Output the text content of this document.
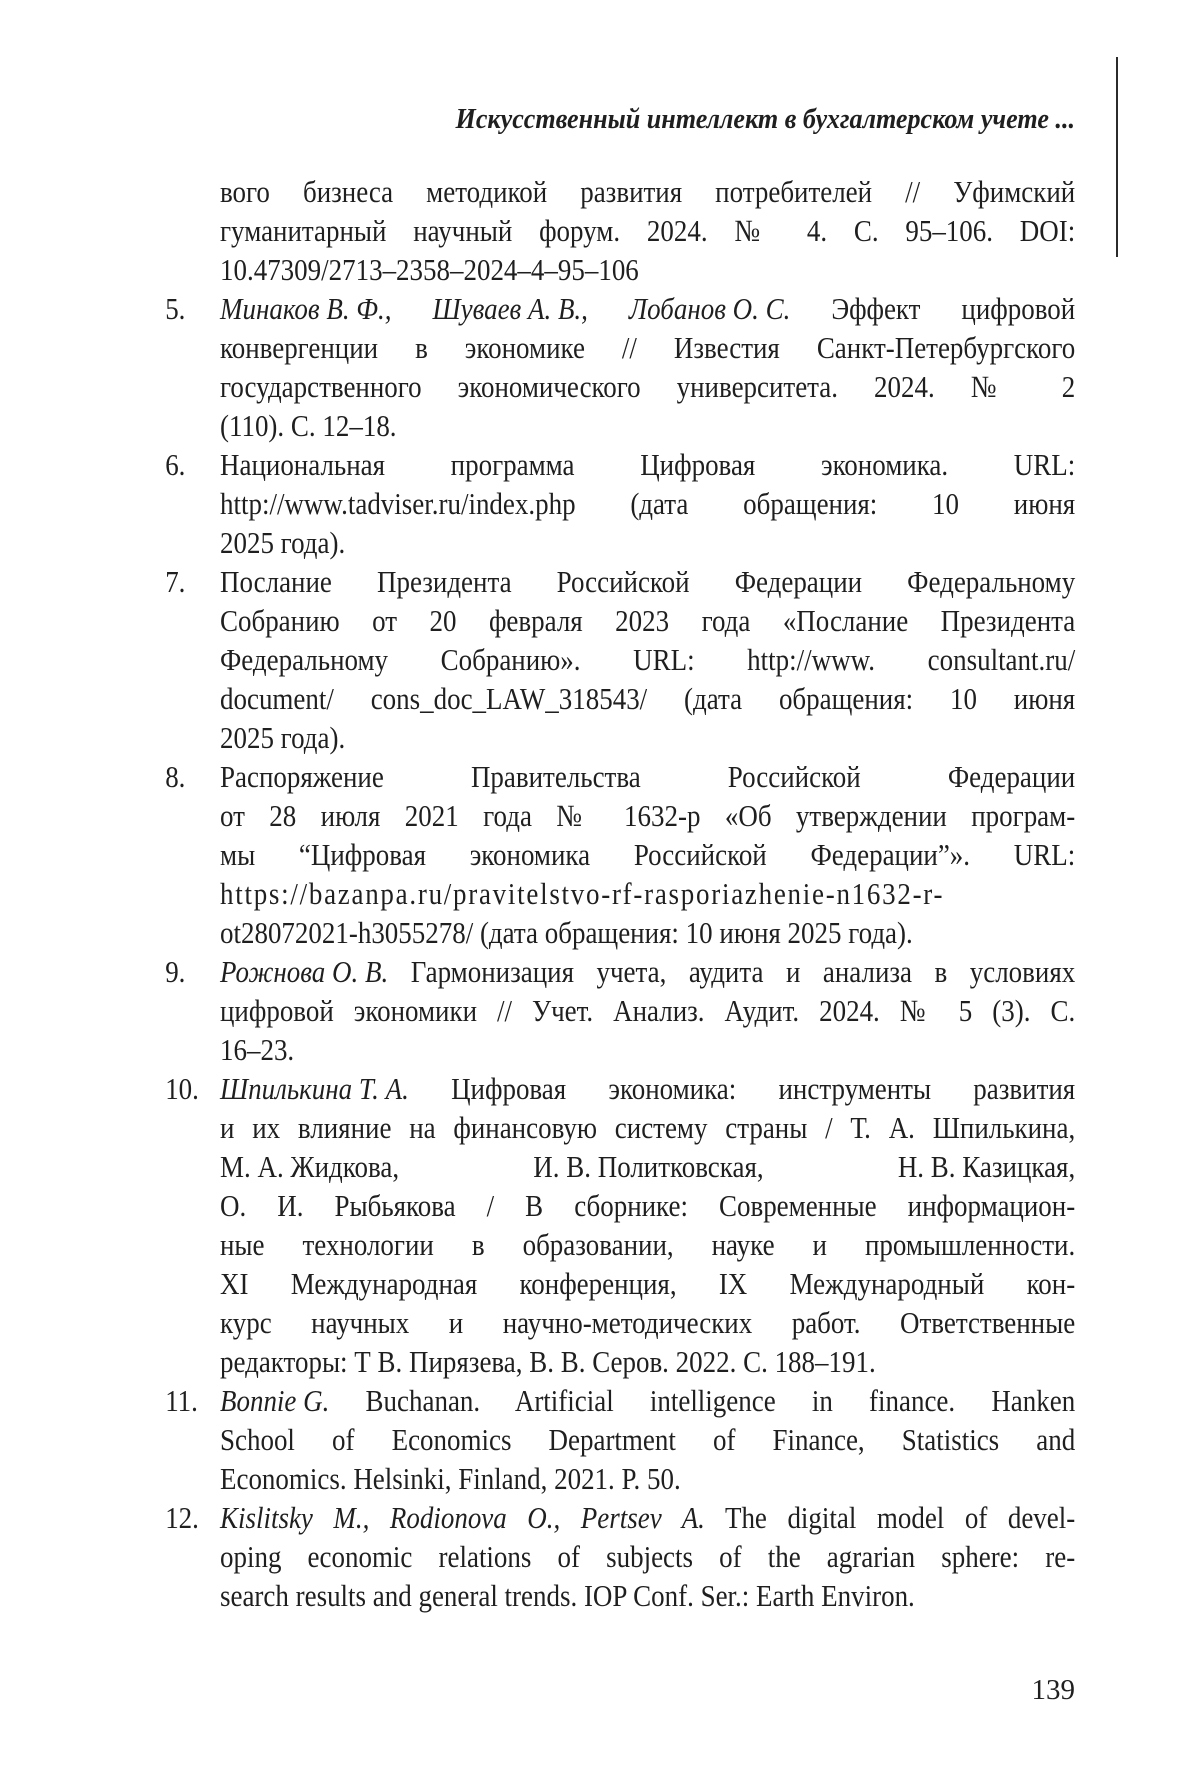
Искусственный интеллект в бухгалтерском учете ...
вого бизнеса методикой развития потребителей // Уфимский
гуманитарный научный форум. 2024. № 4. С. 95–106. DOI:
10.47309/2713–2358–2024–4–95–106
5.	Минаков В. Ф., Шуваев А. В., Лобанов О. С. Эффект цифровой
конвергенции в экономике // Известия Санкт-Петербургского
государственного экономического университета. 2024. № 2
(110). С. 12–18.
6.	Национальная программа Цифровая экономика. URL:
http://www.tadviser.ru/index.php (дата обращения: 10 июня
2025 года).
7.	Послание Президента Российской Федерации Федеральному
Собранию от 20 февраля 2023 года «Послание Президента
Федеральному Собранию». URL: http://www. consultant.ru/
document/ cons_doc_LAW_318543/ (дата обращения: 10 июня
2025 года).
8.	Распоряжение Правительства Российской Федерации
от 28 июля 2021 года № 1632-р «Об утверждении програм-
мы “Цифровая экономика Российской Федерации”». URL:
https://bazanpa.ru/pravitelstvo-rf-rasporiazhenie-n1632-r-
ot28072021-h3055278/ (дата обращения: 10 июня 2025 года).
9.	Рожнова О. В. Гармонизация учета, аудита и анализа в условиях
цифровой экономики // Учет. Анализ. Аудит. 2024. № 5 (3). С.
16–23.
10. Шпилькина Т. А. Цифровая экономика: инструменты развития
и их влияние на финансовую систему страны / Т. А. Шпилькина,
М. А. Жидкова,	И. В. Политковская,	Н. В. Казицкая,
О. И. Рыбьякова / В сборнике: Современные информацион-
ные технологии в образовании, науке и промышленности.
XI Международная конференция, IX Международный кон-
курс научных и научно-методических работ. Ответственные
редакторы: Т В. Пирязева, В. В. Серов. 2022. С. 188–191.
11. Bonnie G. Buchanan. Artificial intelligence in finance. Hanken
School of Economics Department of Finance, Statistics and
Economics. Helsinki, Finland, 2021. P. 50.
12. Kislitsky M., Rodionova O., Pertsev A. The digital model of devel-
oping economic relations of subjects of the agrarian sphere: re-
search results and general trends. IOP Conf. Ser.: Earth Environ.
139
